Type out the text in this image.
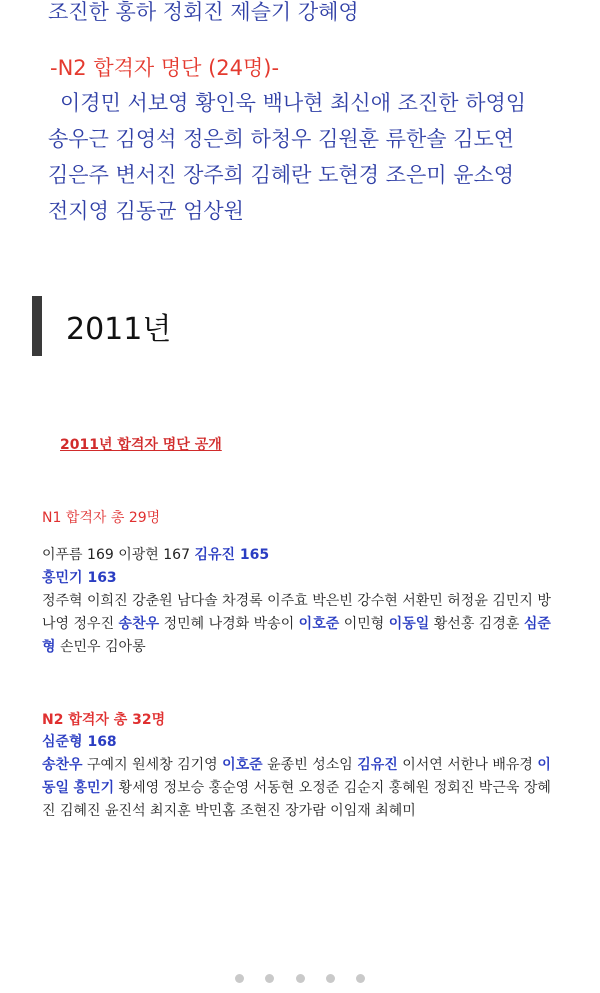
조진한 홍하 정회진 제슬기 강혜영

-N2 합격자 명단 (24명)-

이경민 서보영 황인욱 백나현 최신애 조진한 하영임

송우근 김영석 정은희 하청우 김원훈 류한솔 김도연

김은주 변서진 장주희 김혜란 도현경 조은미 윤소영

전지영 김동균 엄상원

2011년

2011년 합격자 명단 공개

N1 합격자 총 29명

이푸름 169 이광현 167 김유진 165
홍민기 163
정주혁 이희진 강춘원 남다솔 차경록 이주효 박은빈 강수현 서환민 허정윤 김민지 방나영 정우진 송찬우 정민혜 나경화 박송이 이호준 이민형 이동일 황선홍 김경훈 심준형 손민우 김아롱

N2 합격자 총 32명

심준형 168
송찬우 구예지 원세창 김기영 이호준 윤종빈 성소임 김유진 이서연 서한나 배유경 이동일 홍민기 황세영 정보승 홍순영 서동현 오정준 김순지 홍혜원 정회진 박근욱 장혜진 김혜진 윤진석 최지훈 박민홈 조현진 장가람 이임재 최혜미
